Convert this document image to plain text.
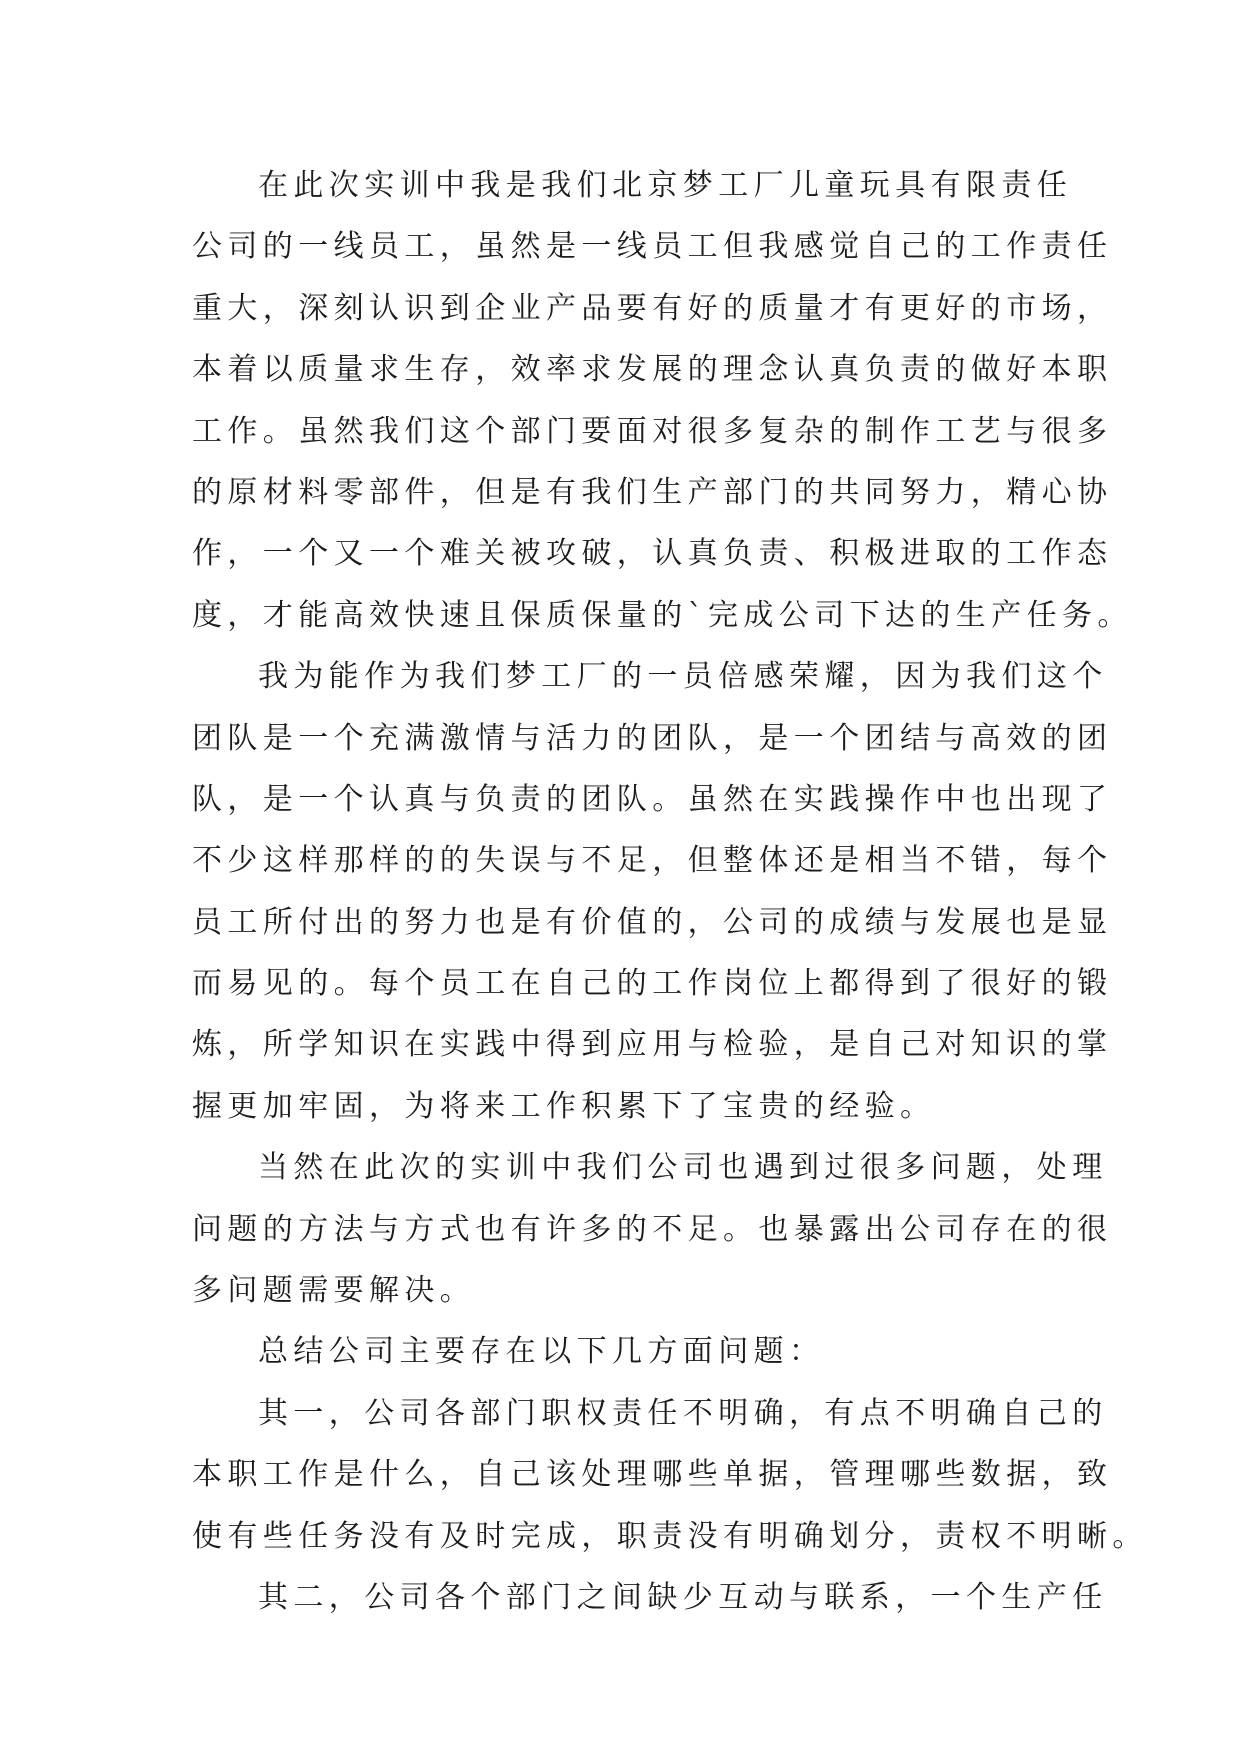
在此次实训中我是我们北京梦工厂儿童玩具有限责任
公司的一线员工，虽然是一线员工但我感觉自己的工作责任
重大，深刻认识到企业产品要有好的质量才有更好的市场，
本着以质量求生存，效率求发展的理念认真负责的做好本职
工作。虽然我们这个部门要面对很多复杂的制作工艺与很多
的原材料零部件，但是有我们生产部门的共同努力，精心协
作，一个又一个难关被攻破，认真负责、积极进取的工作态
度，才能高效快速且保质保量的`完成公司下达的生产任务。
我为能作为我们梦工厂的一员倍感荣耀，因为我们这个
团队是一个充满激情与活力的团队，是一个团结与高效的团
队，是一个认真与负责的团队。虽然在实践操作中也出现了
不少这样那样的的失误与不足，但整体还是相当不错，每个
员工所付出的努力也是有价值的，公司的成绩与发展也是显
而易见的。每个员工在自己的工作岗位上都得到了很好的锻
炼，所学知识在实践中得到应用与检验，是自己对知识的掌
握更加牢固，为将来工作积累下了宝贵的经验。
当然在此次的实训中我们公司也遇到过很多问题，处理
问题的方法与方式也有许多的不足。也暴露出公司存在的很
多问题需要解决。
总结公司主要存在以下几方面问题：
其一，公司各部门职权责任不明确，有点不明确自己的
本职工作是什么，自己该处理哪些单据，管理哪些数据，致
使有些任务没有及时完成，职责没有明确划分，责权不明晰。
其二，公司各个部门之间缺少互动与联系，一个生产任
